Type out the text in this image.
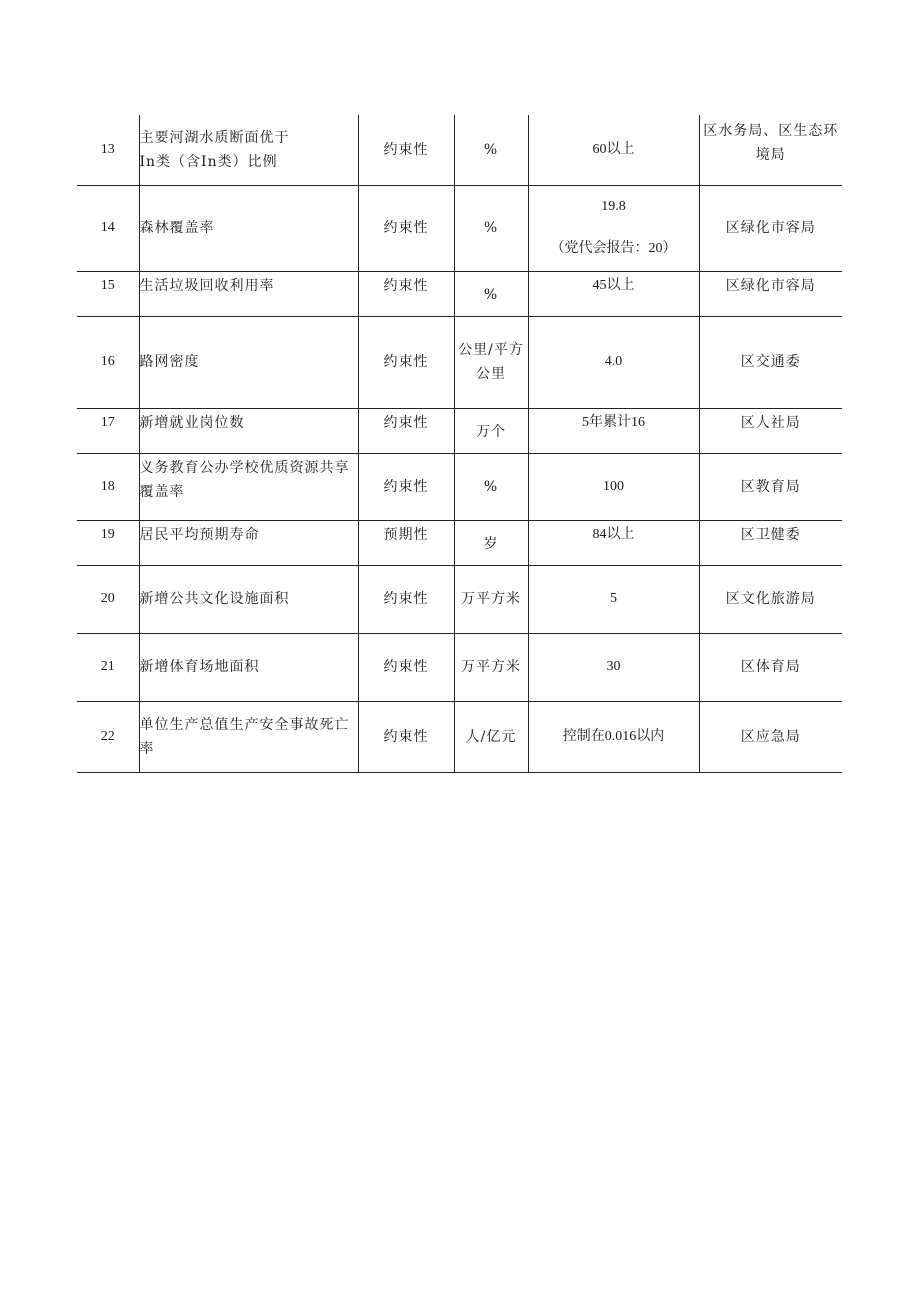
13	主要河湖水质断面优于
In类（含In类）比例	约束性	%	60以上	区水务局、区生态环
境局

14	森林覆盖率	约束性	%	19.8
（党代会报告：20）	区绿化市容局
15	生活垃圾回收利用率	约束性	%	45以上	区绿化市容局
16	路网密度	约束性	公里/平方
公里	4.0	区交通委
17	新增就业岗位数	约束性	万个	5年累计16	区人社局
18	义务教育公办学校优质资源共享
覆盖率	约束性	%	100	区教育局
19	居民平均预期寿命	预期性	岁	84以上	区卫健委
20	新增公共文化设施面积	约束性	万平方米	5	区文化旅游局
21	新增体育场地面积	约束性	万平方米	30	区体育局
22	单位生产总值生产安全事故死亡
率	约束性	人/亿元	控制在0.016以内	区应急局
